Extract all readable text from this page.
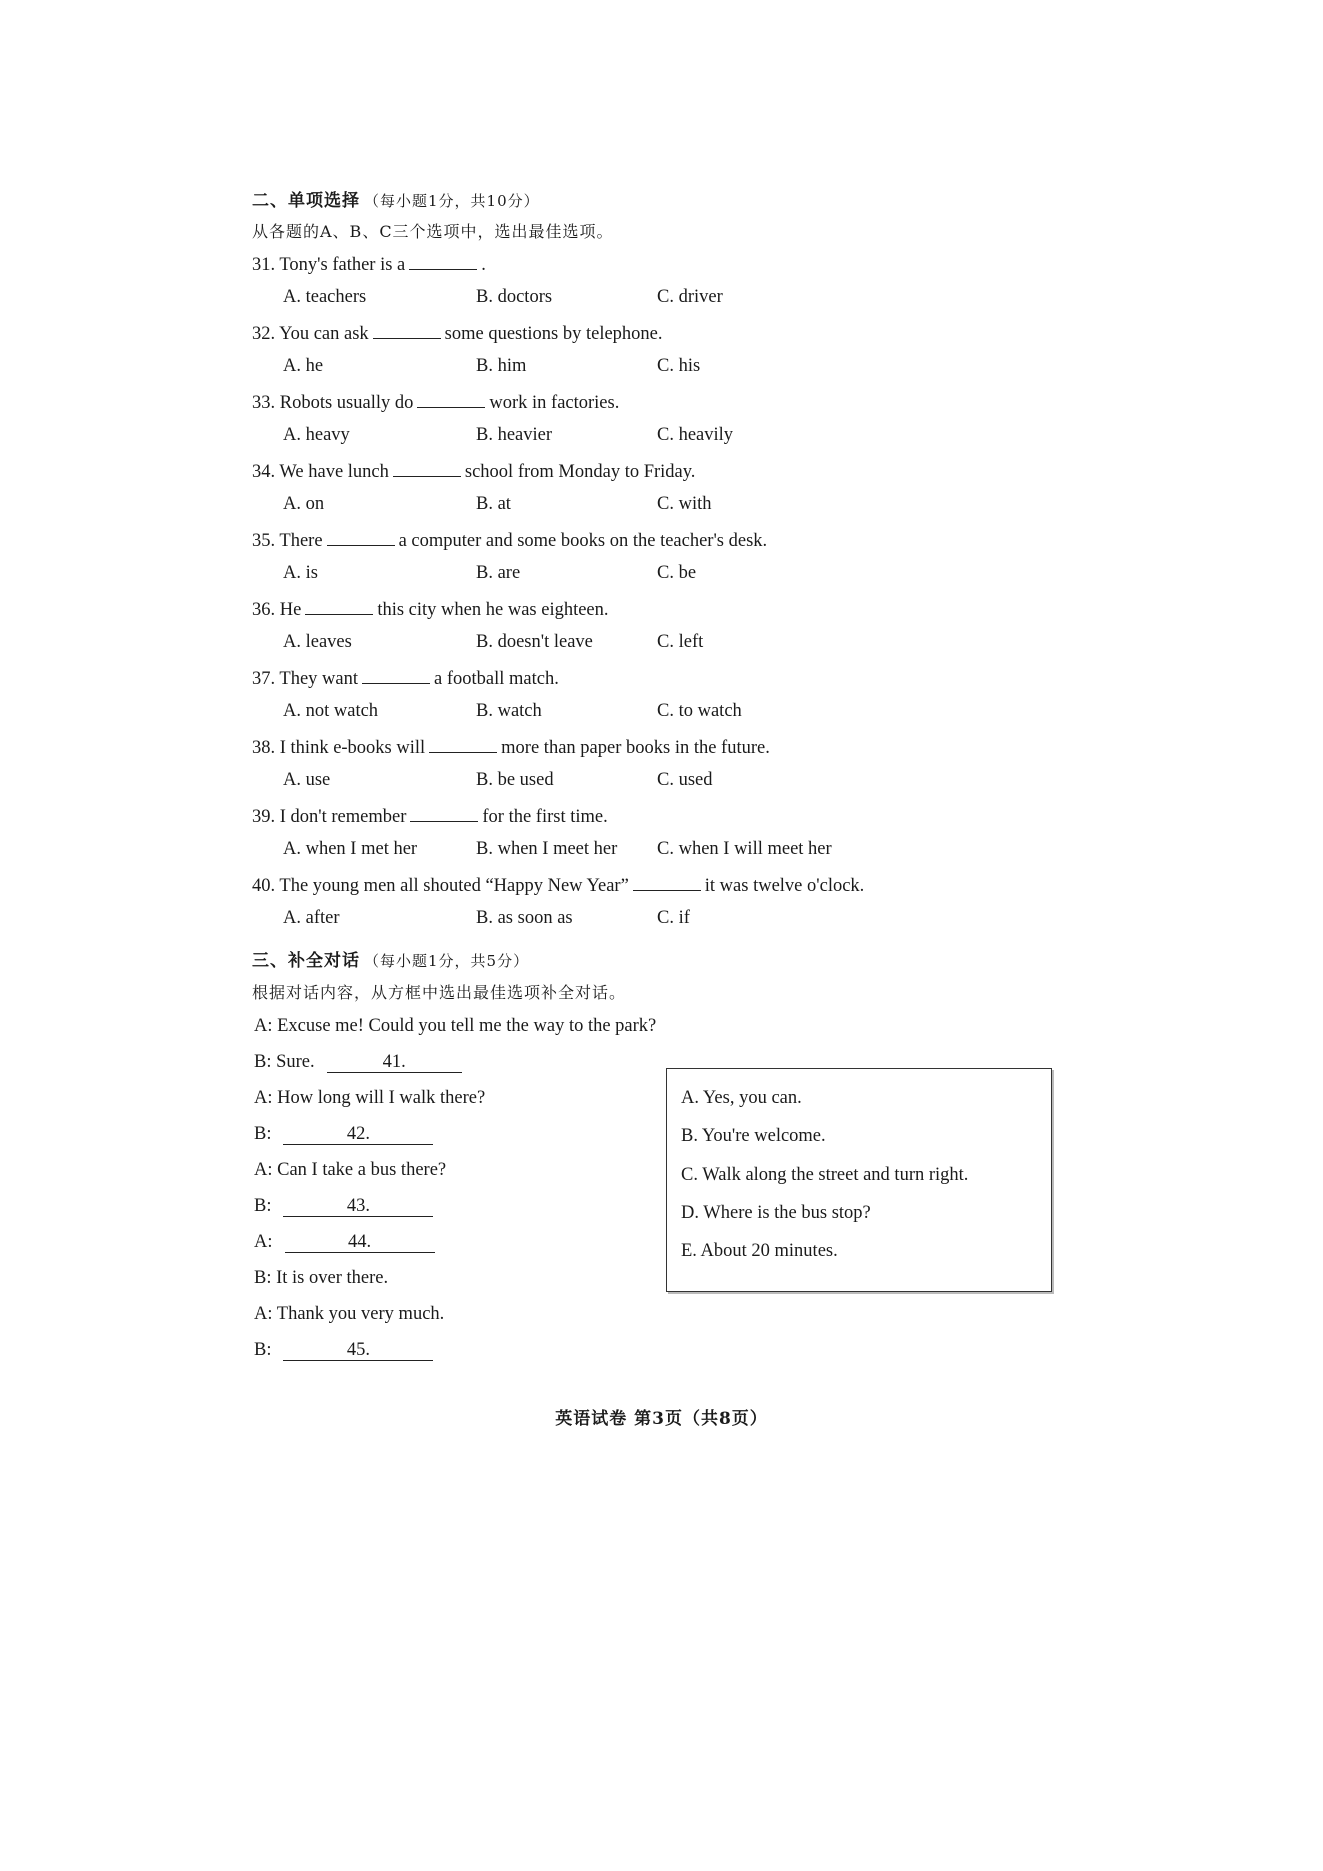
二、单项选择 （每小题1分，共10分）
从各题的A、B、C三个选项中，选出最佳选项。
31. Tony's father is a	.
A. teachers	B. doctors	C. driver
32. You can ask	some questions by telephone.
A. he	B. him	C. his
33. Robots usually do	work in factories.
A. heavy	B. heavier	C. heavily
34. We have lunch	school from Monday to Friday.
A. on	B. at	C. with
35. There	a computer and some books on the teacher's desk.
A. is	B. are	C. be
36. He	this city when he was eighteen.
A. leaves	B. doesn't leave	C. left
37. They want	a football match.
A. not watch	B. watch	C. to watch
38. I think e-books will	more than paper books in the future.
A. use	B. be used	C. used
39. I don't remember	for the first time.
A. when I met her	B. when I meet her C. when I will meet her
40. The young men all shouted “Happy New Year”	it was twelve o'clock.
A. after	B. as soon as	C. if
三、补全对话 （每小题1分，共5分）
根据对话内容，从方框中选出最佳选项补全对话。
A: Excuse me! Could you tell me the way to the park?
B: Sure.	41.
A: How long will I walk there?
B:	42.
A: Can I take a bus there?
B:	43.
A:	44.
B: It is over there.
A: Thank you very much.
B:	45.
A. Yes, you can.
B. You're welcome.
C. Walk along the street and turn right.
D. Where is the bus stop?
E. About 20 minutes.
英语试卷 第3页（共8页）
